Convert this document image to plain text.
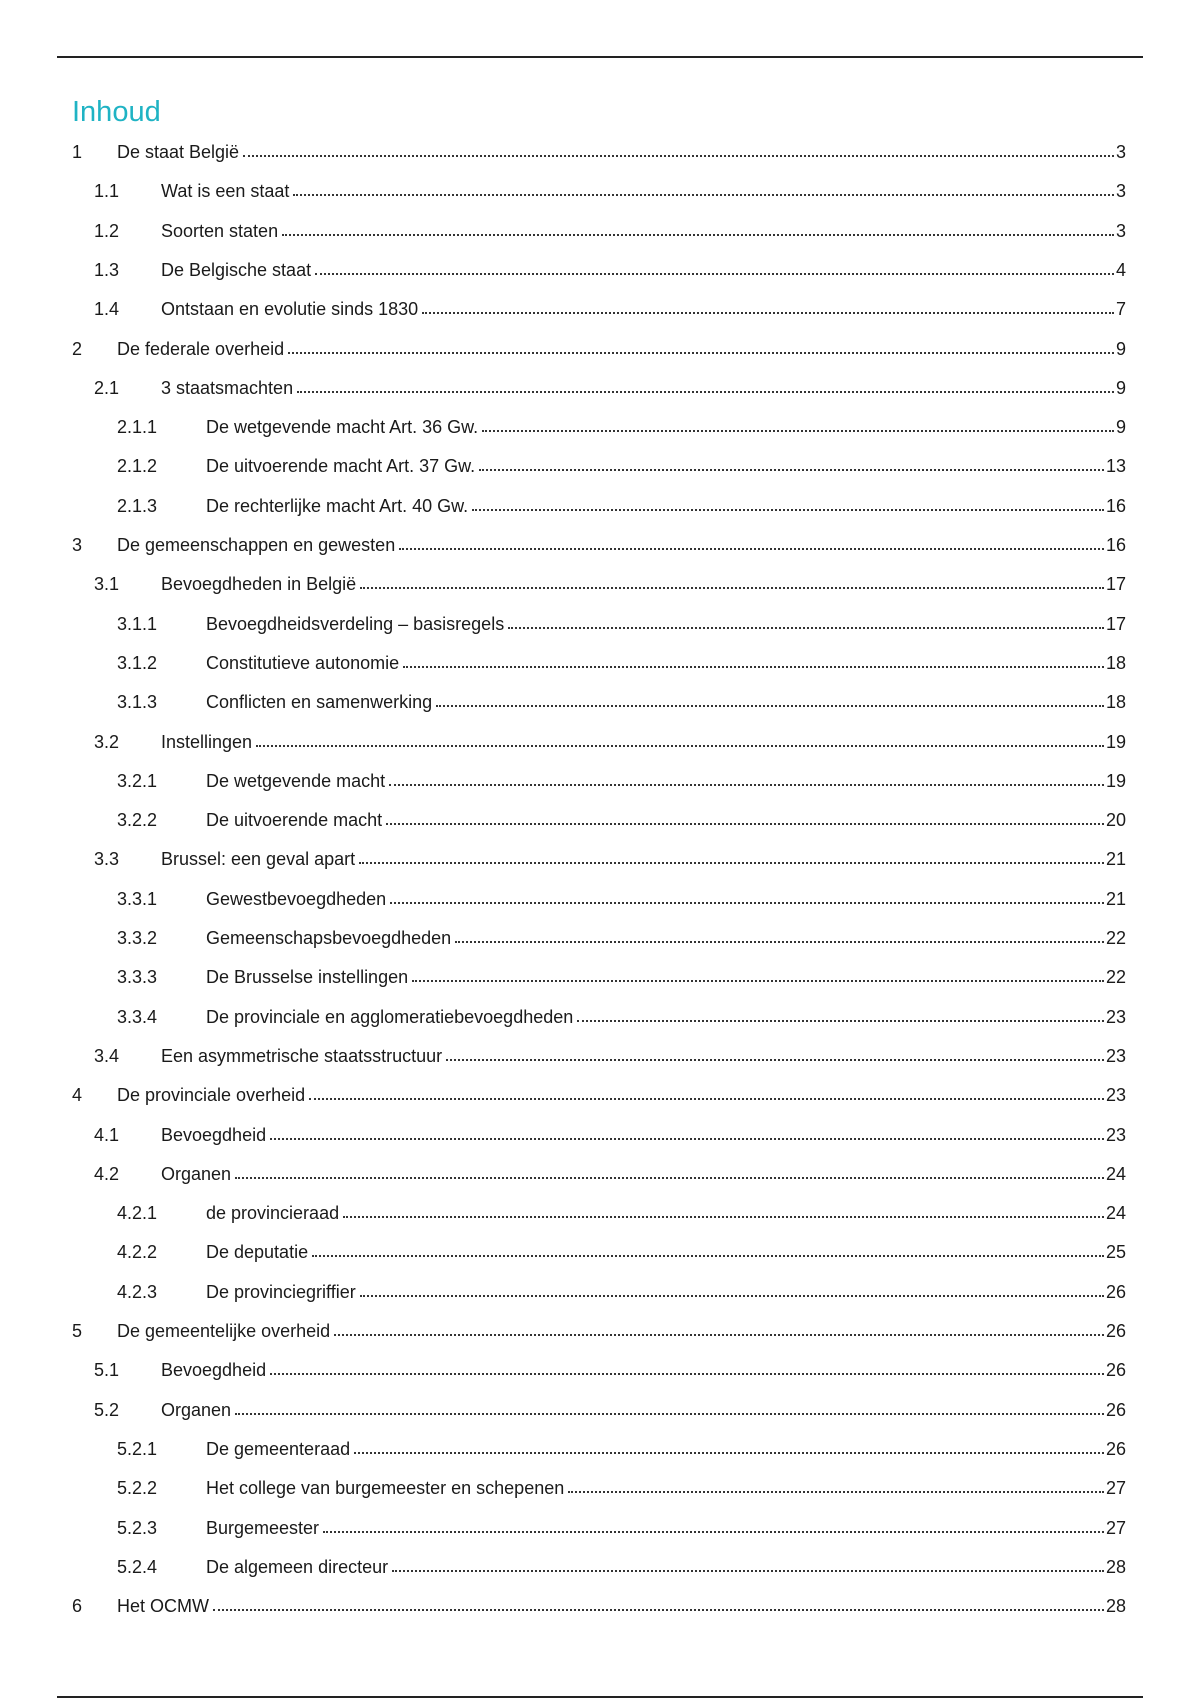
Inhoud
1	De staat België	3
1.1	Wat is een staat	3
1.2	Soorten staten	3
1.3	De Belgische staat	4
1.4	Ontstaan en evolutie sinds 1830	7
2	De federale overheid	9
2.1	3 staatsmachten	9
2.1.1	De wetgevende macht Art. 36 Gw.	9
2.1.2	De uitvoerende macht Art. 37 Gw.	13
2.1.3	De rechterlijke macht Art. 40 Gw.	16
3	De gemeenschappen en gewesten	16
3.1	Bevoegdheden in België	17
3.1.1	Bevoegdheidsverdeling – basisregels	17
3.1.2	Constitutieve autonomie	18
3.1.3	Conflicten en samenwerking	18
3.2	Instellingen	19
3.2.1	De wetgevende macht	19
3.2.2	De uitvoerende macht	20
3.3	Brussel: een geval apart	21
3.3.1	Gewestbevoegdheden	21
3.3.2	Gemeenschapsbevoegdheden	22
3.3.3	De Brusselse instellingen	22
3.3.4	De provinciale en agglomeratiebevoegdheden	23
3.4	Een asymmetrische staatsstructuur	23
4	De provinciale overheid	23
4.1	Bevoegdheid	23
4.2	Organen	24
4.2.1	de provincieraad	24
4.2.2	De deputatie	25
4.2.3	De provinciegriffier	26
5	De gemeentelijke overheid	26
5.1	Bevoegdheid	26
5.2	Organen	26
5.2.1	De gemeenteraad	26
5.2.2	Het college van burgemeester en schepenen	27
5.2.3	Burgemeester	27
5.2.4	De algemeen directeur	28
6	Het OCMW	28
